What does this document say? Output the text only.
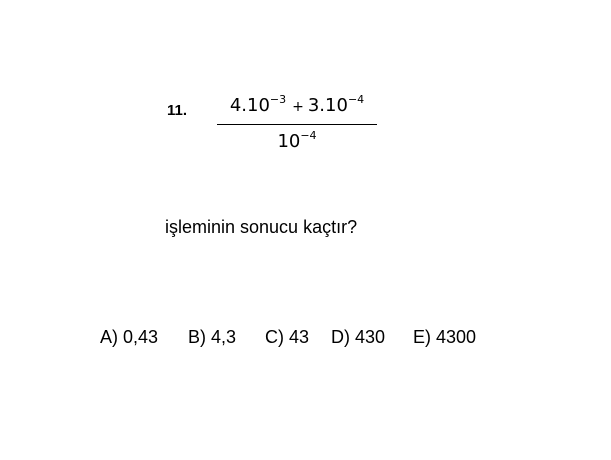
11. $4.10^{-3} + 3.10^{-4}$
$10^{-4}$
işleminin sonucu kaçtır?
A) 0,43 B) 4,3 C) 43 D) 430 E) 4300
